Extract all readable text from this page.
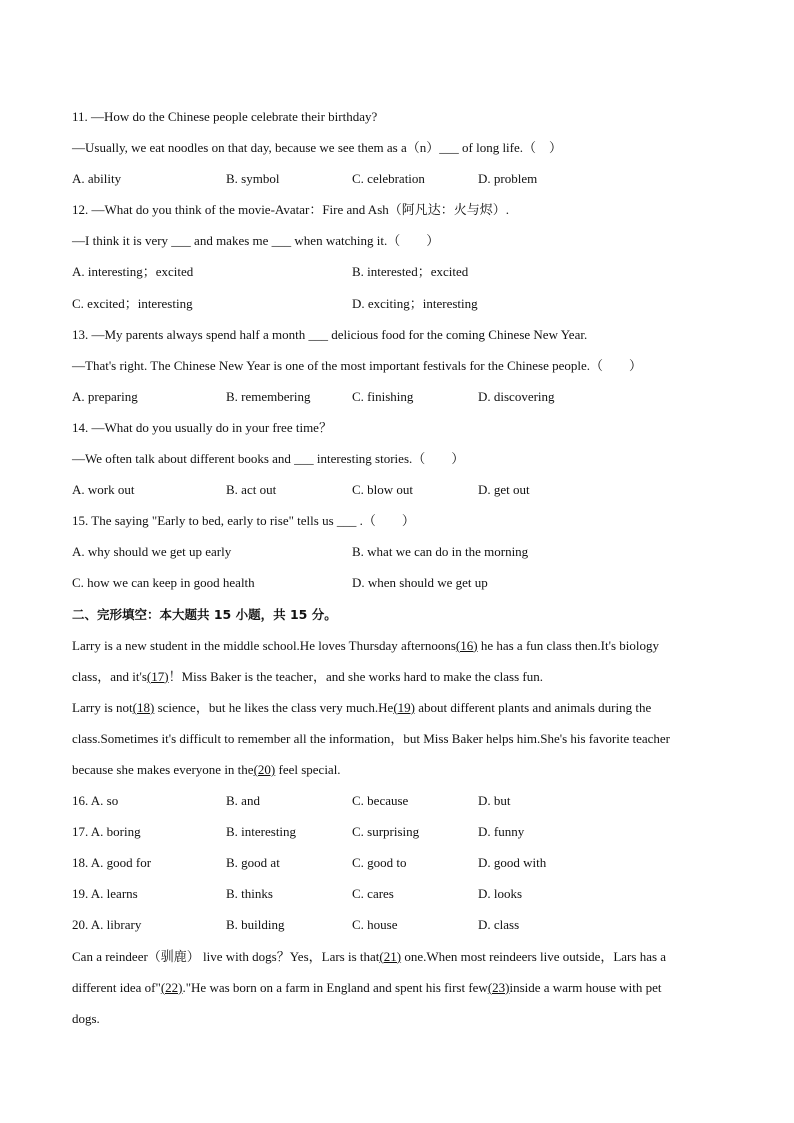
11. —How do the Chinese people celebrate their birthday?
—Usually, we eat noodles on that day, because we see them as a（n）___ of long life.（　）
A. ability	B. symbol	C. celebration	D. problem
12. —What do you think of the movie-Avatar：Fire and Ash（阿凡达：火与烬）.
—I think it is very ___ and makes me ___ when watching it.（　　）
A. interesting；excited	B. interested；excited
C. excited；interesting	D. exciting；interesting
13. —My parents always spend half a month ___ delicious food for the coming Chinese New Year.
—That's right. The Chinese New Year is one of the most important festivals for the Chinese people.（　　）
A. preparing	B. remembering	C. finishing	D. discovering
14. —What do you usually do in your free time？
—We often talk about different books and ___ interesting stories.（　　）
A. work out	B. act out	C. blow out	D. get out
15. The saying "Early to bed, early to rise" tells us ___ .（　　）
A. why should we get up early	B. what we can do in the morning
C. how we can keep in good health	D. when should we get up
二、完形填空：本大题共 15 小题，共 15 分。
Larry is a new student in the middle school.He loves Thursday afternoons(16) he has a fun class then.It's biology
class，and it's(17)！Miss Baker is the teacher，and she works hard to make the class fun.
Larry is not(18) science，but he likes the class very much.He(19) about different plants and animals during the
class.Sometimes it's difficult to remember all the information，but Miss Baker helps him.She's his favorite teacher
because she makes everyone in the(20) feel special.
16. A. so	B. and	C. because	D. but
17. A. boring	B. interesting	C. surprising	D. funny
18. A. good for	B. good at	C. good to	D. good with
19. A. learns	B. thinks	C. cares	D. looks
20. A. library	B. building	C. house	D. class
Can a reindeer（驯鹿） live with dogs？Yes，Lars is that(21) one.When most reindeers live outside，Lars has a
different idea of"(22)."He was born on a farm in England and spent his first few(23)inside a warm house with pet
dogs.
